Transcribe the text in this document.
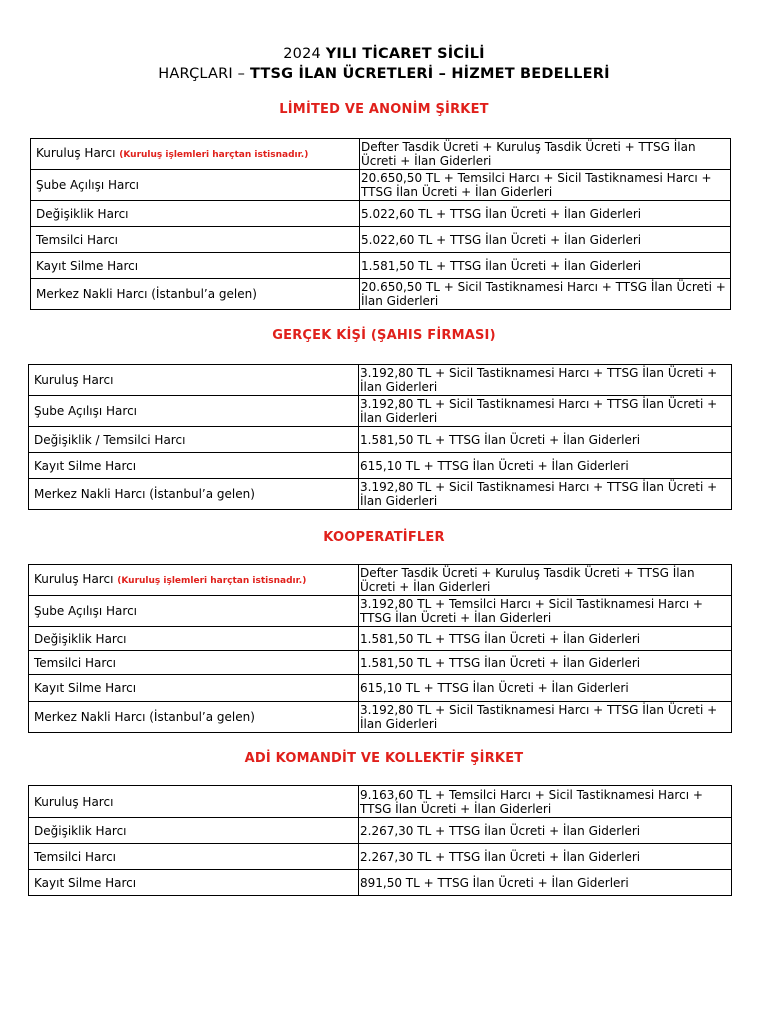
2024 YILI TİCARET SİCİLİ
HARÇLARI – TTSG İLAN ÜCRETLERİ – HİZMET BEDELLERİ
LİMİTED VE ANONİM ŞİRKET
Kuruluş Harcı (Kuruluş işlemleri harçtan istisnadır.)	Defter Tasdik Ücreti + Kuruluş Tasdik Ücreti + TTSG İlan Ücreti + İlan Giderleri
Şube Açılışı Harcı	20.650,50 TL + Temsilci Harcı + Sicil Tastiknamesi Harcı + TTSG İlan Ücreti + İlan Giderleri
Değişiklik Harcı	5.022,60 TL + TTSG İlan Ücreti + İlan Giderleri
Temsilci Harcı	5.022,60 TL + TTSG İlan Ücreti + İlan Giderleri
Kayıt Silme Harcı	1.581,50 TL + TTSG İlan Ücreti + İlan Giderleri
Merkez Nakli Harcı (İstanbul’a gelen)	20.650,50 TL + Sicil Tastiknamesi Harcı + TTSG İlan Ücreti + İlan Giderleri
GERÇEK KİŞİ (ŞAHIS FİRMASI)
Kuruluş Harcı	3.192,80 TL + Sicil Tastiknamesi Harcı + TTSG İlan Ücreti + İlan Giderleri
Şube Açılışı Harcı	3.192,80 TL + Sicil Tastiknamesi Harcı + TTSG İlan Ücreti + İlan Giderleri
Değişiklik / Temsilci Harcı	1.581,50 TL + TTSG İlan Ücreti + İlan Giderleri
Kayıt Silme Harcı	615,10 TL + TTSG İlan Ücreti + İlan Giderleri
Merkez Nakli Harcı (İstanbul’a gelen)	3.192,80 TL + Sicil Tastiknamesi Harcı + TTSG İlan Ücreti + İlan Giderleri
KOOPERATİFLER
Kuruluş Harcı (Kuruluş işlemleri harçtan istisnadır.)	Defter Tasdik Ücreti + Kuruluş Tasdik Ücreti + TTSG İlan Ücreti + İlan Giderleri
Şube Açılışı Harcı	3.192,80 TL + Temsilci Harcı + Sicil Tastiknamesi Harcı + TTSG İlan Ücreti + İlan Giderleri
Değişiklik Harcı	1.581,50 TL + TTSG İlan Ücreti + İlan Giderleri
Temsilci Harcı	1.581,50 TL + TTSG İlan Ücreti + İlan Giderleri
Kayıt Silme Harcı	615,10 TL + TTSG İlan Ücreti + İlan Giderleri
Merkez Nakli Harcı (İstanbul’a gelen)	3.192,80 TL + Sicil Tastiknamesi Harcı + TTSG İlan Ücreti + İlan Giderleri
ADİ KOMANDİT VE KOLLEKTİF ŞİRKET
Kuruluş Harcı	9.163,60 TL + Temsilci Harcı + Sicil Tastiknamesi Harcı + TTSG İlan Ücreti + İlan Giderleri
Değişiklik Harcı	2.267,30 TL + TTSG İlan Ücreti + İlan Giderleri
Temsilci Harcı	2.267,30 TL + TTSG İlan Ücreti + İlan Giderleri
Kayıt Silme Harcı	891,50 TL + TTSG İlan Ücreti + İlan Giderleri
